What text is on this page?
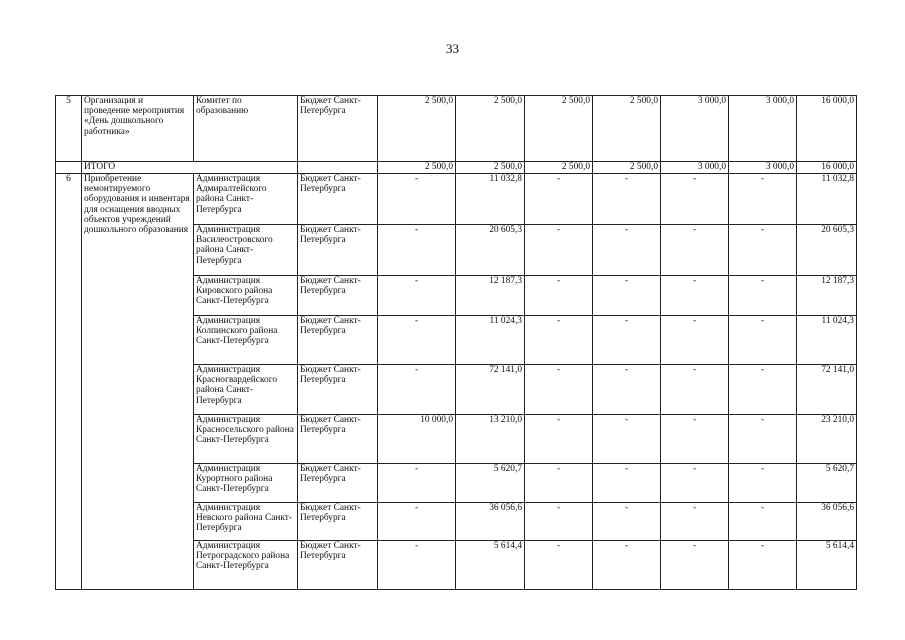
33
5	Организация и проведение мероприятия «День дошкольного работника»	Комитет по образованию	Бюджет Санкт-Петербурга	2 500,0	2 500,0	2 500,0	2 500,0	3 000,0	3 000,0	16 000,0
	ИТОГО			2 500,0	2 500,0	2 500,0	2 500,0	3 000,0	3 000,0	16 000,0
6	Приобретение немонтируемого оборудования и инвентаря для оснащения вводных объектов учреждений дошкольного образования	Администрация Адмиралтейского района Санкт-Петербурга	Бюджет Санкт-Петербурга	-	11 032,8	-	-	-	-	11 032,8
		Администрация Василеостровского района Санкт-Петербурга	Бюджет Санкт-Петербурга	-	20 605,3	-	-	-	-	20 605,3
		Администрация Кировского района Санкт-Петербурга	Бюджет Санкт-Петербурга	-	12 187,3	-	-	-	-	12 187,3
		Администрация Колпинского района Санкт-Петербурга	Бюджет Санкт-Петербурга	-	11 024,3	-	-	-	-	11 024,3
		Администрация Красногвардейского района Санкт-Петербурга	Бюджет Санкт-Петербурга	-	72 141,0	-	-	-	-	72 141,0
		Администрация Красносельского района Санкт-Петербурга	Бюджет Санкт-Петербурга	10 000,0	13 210,0	-	-	-	-	23 210,0
		Администрация Курортного района Санкт-Петербурга	Бюджет Санкт-Петербурга	-	5 620,7	-	-	-	-	5 620,7
		Администрация Невского района Санкт-Петербурга	Бюджет Санкт-Петербурга	-	36 056,6	-	-	-	-	36 056,6
		Администрация Петроградского района Санкт-Петербурга	Бюджет Санкт-Петербурга	-	5 614,4	-	-	-	-	5 614,4
